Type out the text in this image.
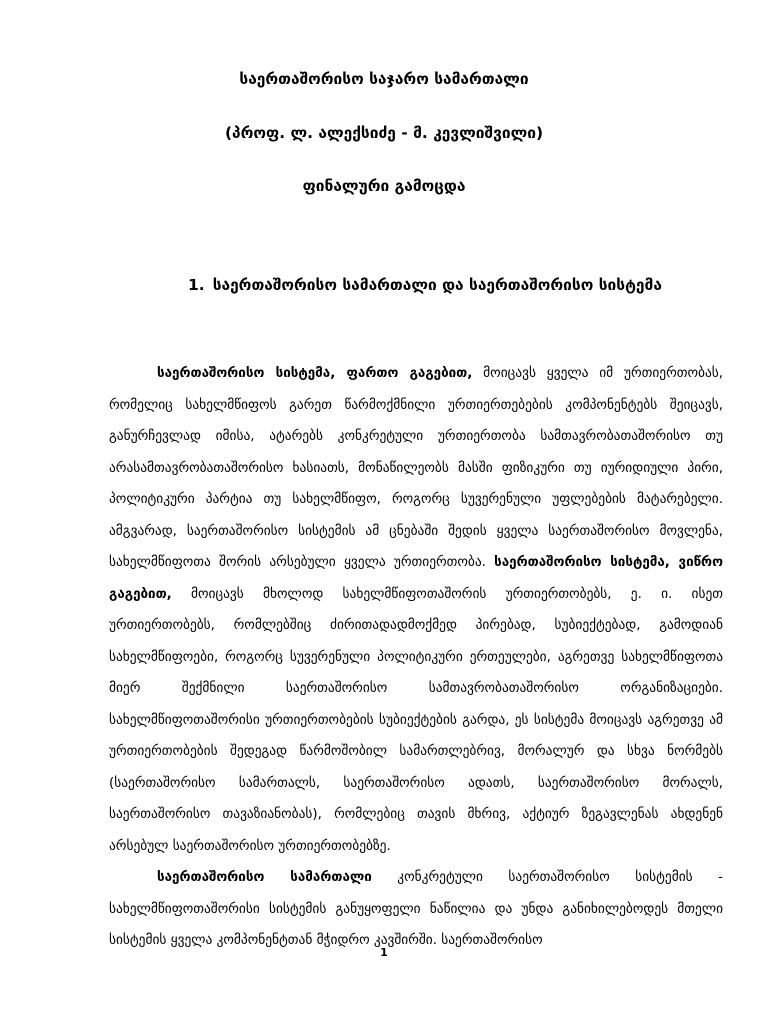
საერთაშორისო საჯარო სამართალი
(პროფ. ლ. ალექსიძე - მ. კევლიშვილი)
ფინალური გამოცდა
1. საერთაშორისო სამართალი და საერთაშორისო სისტემა

საერთაშორისო სისტემა, ფართო გაგებით, მოიცავს ყველა იმ ურთიერთობას, რომელიც სახელმწიფოს გარეთ წარმოქმნილი ურთიერთებების კომპონენტებს შეიცავს, განურჩევლად იმისა, ატარებს კონკრეტული ურთიერთობა სამთავრობათაშორისო თუ არასამთავრობათაშორისო ხასიათს, მონაწილეობს მასში ფიზიკური თუ იურიდიული პირი, პოლიტიკური პარტია თუ სახელმწიფო, როგორც სუვერენული უფლებების მატარებელი. ამგვარად, საერთაშორისო სისტემის ამ ცნებაში შედის ყველა საერთაშორისო მოვლენა, სახელმწიფოთა შორის არსებული ყველა ურთიერთობა. საერთაშორისო სისტემა, ვიწრო გაგებით, მოიცავს მხოლოდ სახელმწიფოთაშორის ურთიერთობებს, ე. ი. ისეთ ურთიერთობებს, რომლებშიც ძირითადადმოქმედ პირებად, სუბიექტებად, გამოდიან სახელმწიფოები, როგორც სუვერენული პოლიტიკური ერთეულები, აგრეთვე სახელმწიფოთა მიერ შექმნილი საერთაშორისო სამთავრობათაშორისო ორგანიზაციები. სახელმწიფოთაშორისი ურთიერთობების სუბიექტების გარდა, ეს სისტემა მოიცავს აგრეთვე ამ ურთიერთობების შედეგად წარმოშობილ სამართლებრივ, მორალურ და სხვა ნორმებს (საერთაშორისო სამართალს, საერთაშორისო ადათს, საერთაშორისო მორალს, საერთაშორისო თავაზიანობას), რომლებიც თავის მხრივ, აქტიურ ზეგავლენას ახდენენ არსებულ საერთაშორისო ურთიერთობებზე.

საერთაშორისო სამართალი კონკრეტული საერთაშორისო სისტემის - სახელმწიფოთაშორისი სისტემის განუყოფელი ნაწილია და უნდა განიხილებოდეს მთელი სისტემის ყველა კომპონენტთან მჭიდრო კავშირში. საერთაშორისო

1
